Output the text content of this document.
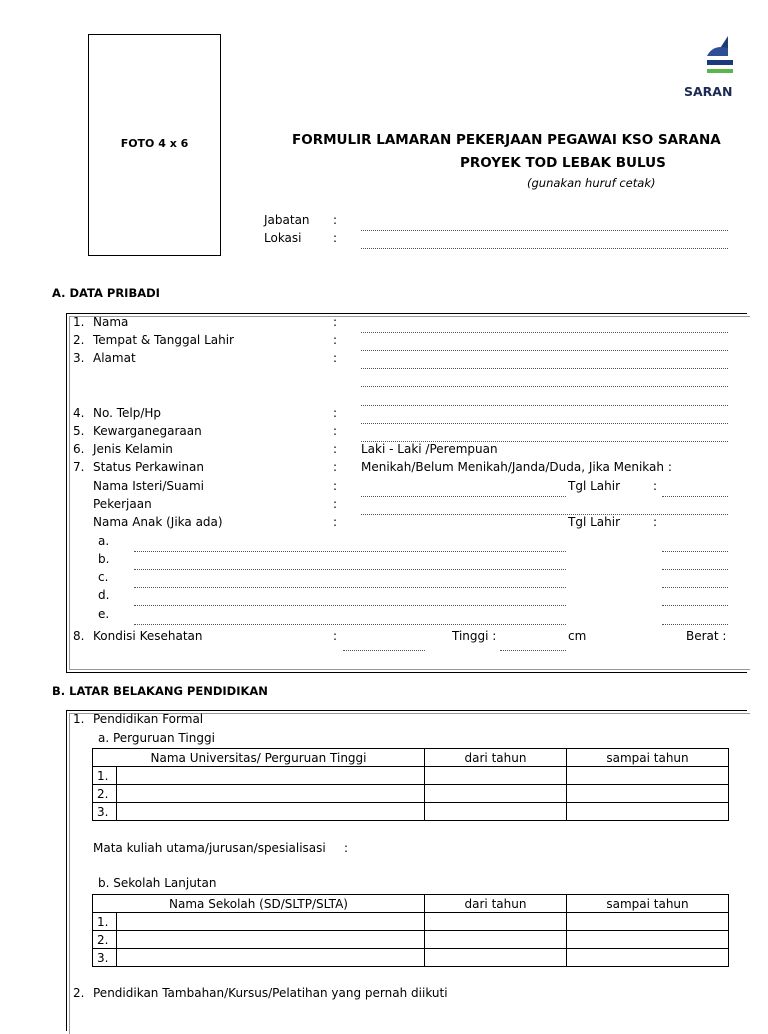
FOTO 4 x 6
SARAN
FORMULIR LAMARAN PEKERJAAN PEGAWAI KSO SARANA
PROYEK TOD LEBAK BULUS
(gunakan huruf cetak)
Jabatan :
Lokasi	:
A. DATA PRIBADI
1. Nama	:
2. Tempat & Tanggal Lahir	:
3. Alamat	:
4. No. Telp/Hp	:
5. Kewarganegaraan	:
6. Jenis Kelamin	: Laki - Laki /Perempuan
7. Status Perkawinan	: Menikah/Belum Menikah/Janda/Duda, Jika Menikah :
Nama Isteri/Suami	:	Tgl Lahir	:
Pekerjaan	:
Nama Anak (Jika ada)	:	Tgl Lahir	:
a.
b.
c.
d.
e.
8. Kondisi Kesehatan	:	Tinggi :	cm	Berat :
B. LATAR BELAKANG PENDIDIKAN
1. Pendidikan Formal
a. Perguruan Tinggi
Nama Universitas/ Perguruan Tinggi		dari tahun	sampai tahun
1.			
2.			
3.			
Mata kuliah utama/jurusan/spesialisasi :
b. Sekolah Lanjutan
Nama Sekolah (SD/SLTP/SLTA)		dari tahun	sampai tahun
1.			
2.			
3.			
2. Pendidikan Tambahan/Kursus/Pelatihan yang pernah diikuti
